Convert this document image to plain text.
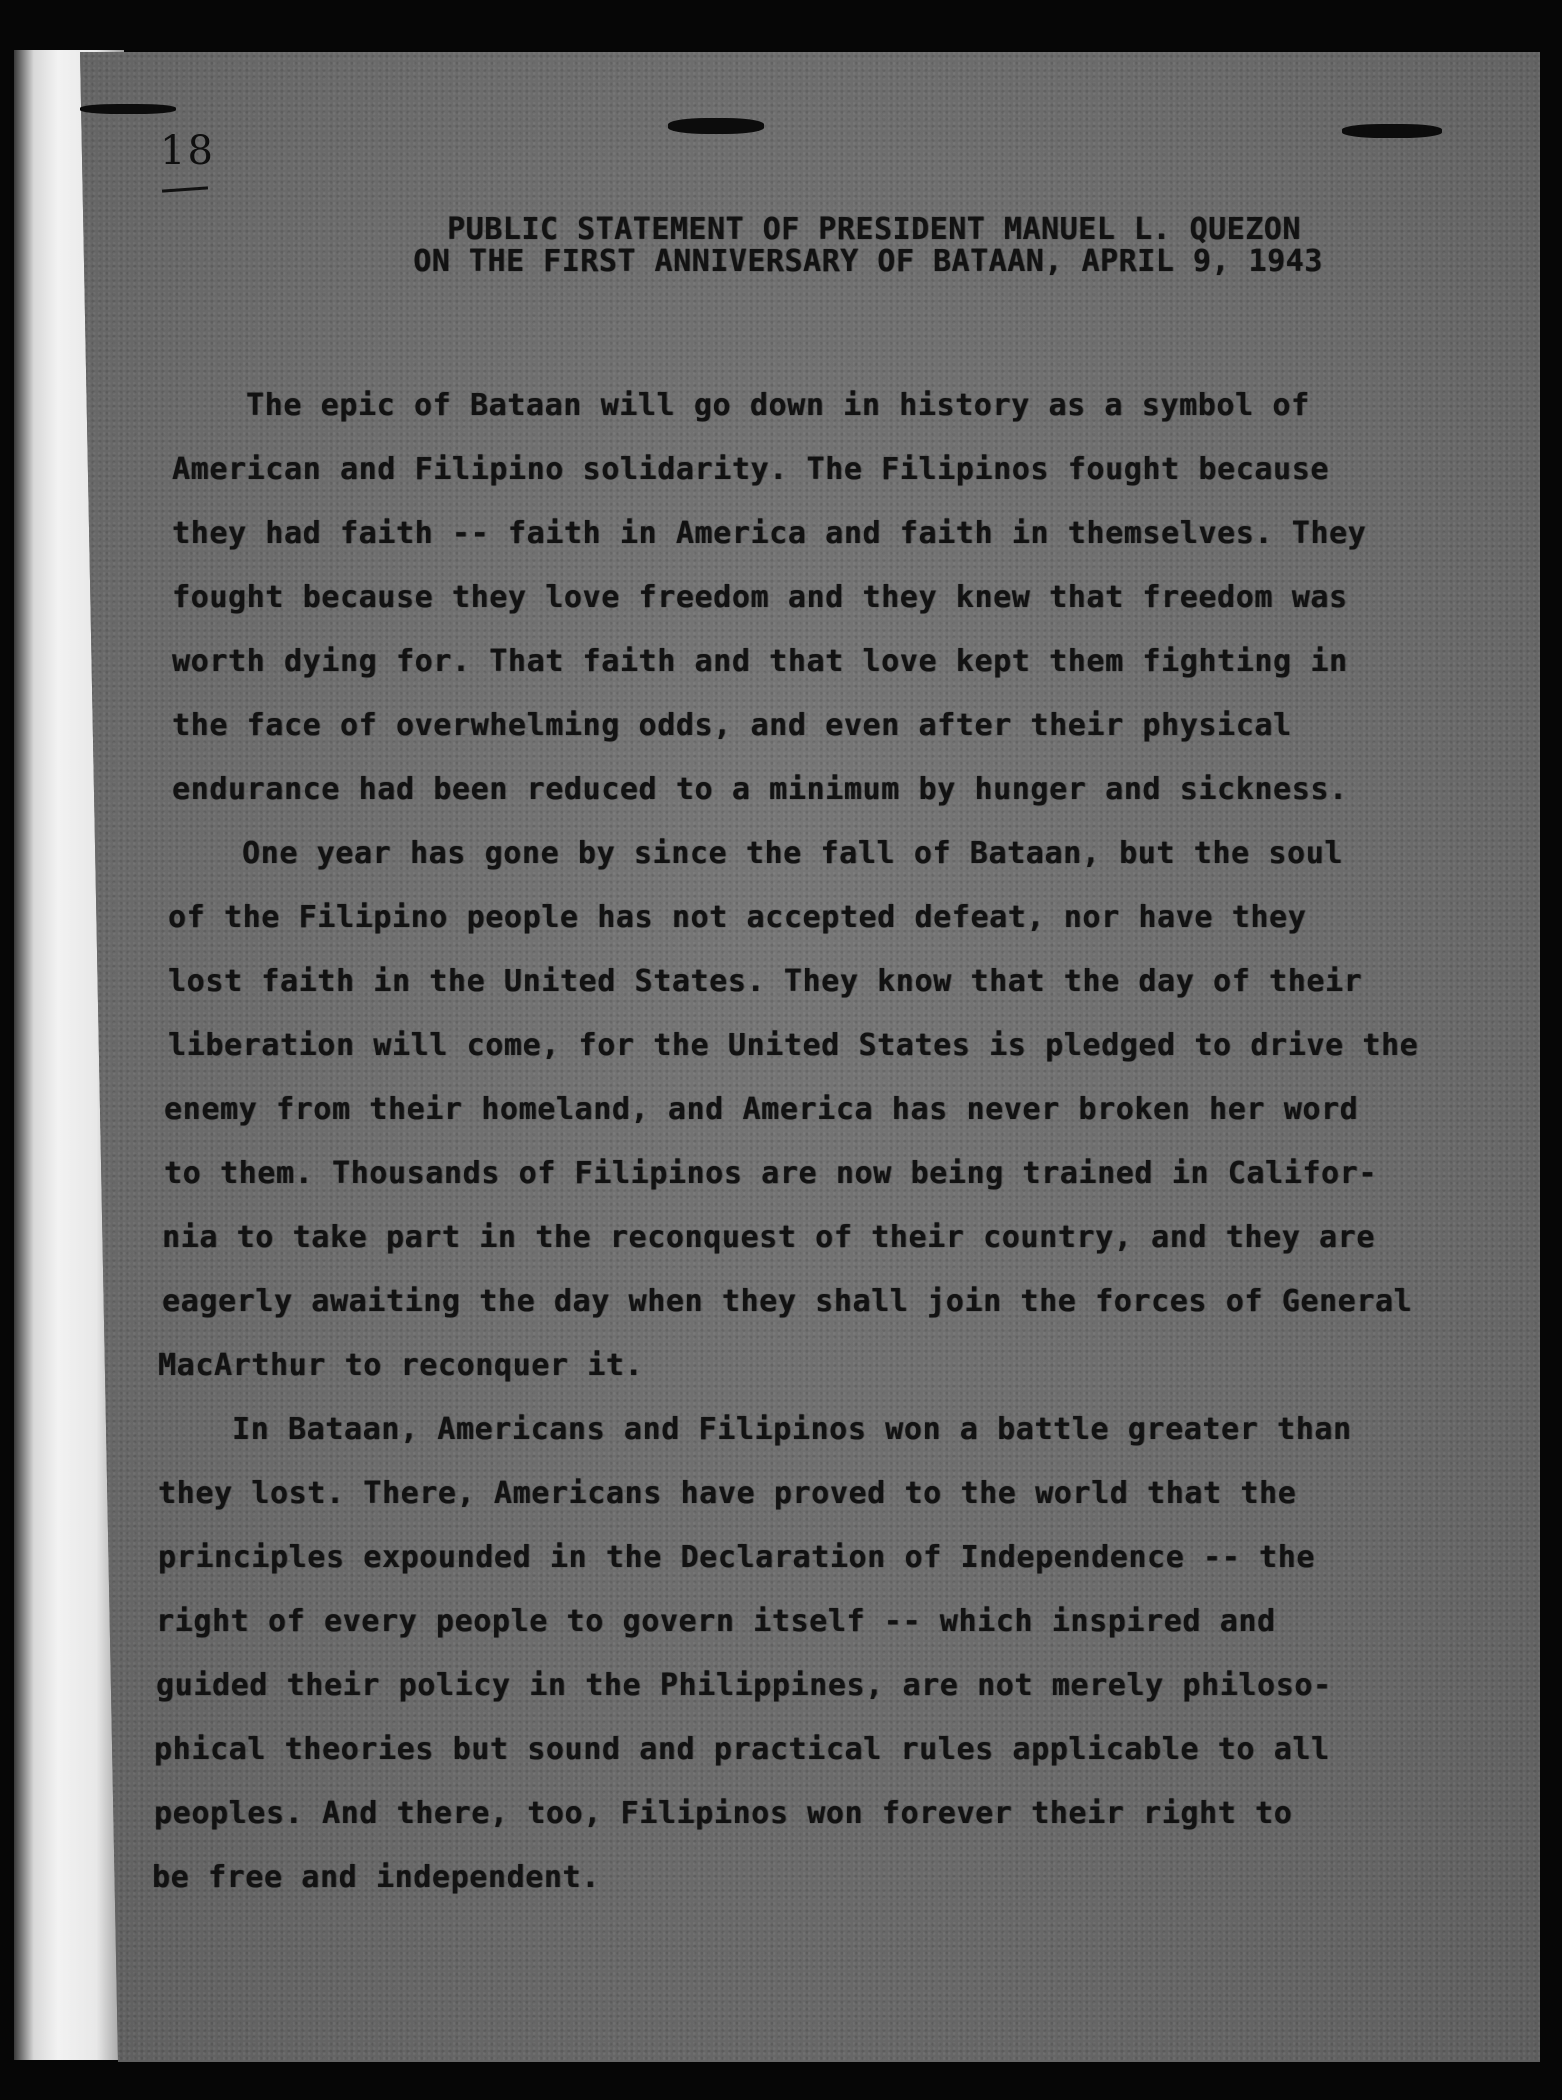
18
PUBLIC STATEMENT OF PRESIDENT MANUEL L. QUEZON
ON THE FIRST ANNIVERSARY OF BATAAN, APRIL 9, 1943
The epic of Bataan will go down in history as a symbol of
American and Filipino solidarity. The Filipinos fought because
they had faith -- faith in America and faith in themselves. They
fought because they love freedom and they knew that freedom was
worth dying for. That faith and that love kept them fighting in
the face of overwhelming odds, and even after their physical
endurance had been reduced to a minimum by hunger and sickness.
One year has gone by since the fall of Bataan, but the soul
of the Filipino people has not accepted defeat, nor have they
lost faith in the United States. They know that the day of their
liberation will come, for the United States is pledged to drive the
enemy from their homeland, and America has never broken her word
to them. Thousands of Filipinos are now being trained in Califor-
nia to take part in the reconquest of their country, and they are
eagerly awaiting the day when they shall join the forces of General
MacArthur to reconquer it.
In Bataan, Americans and Filipinos won a battle greater than
they lost. There, Americans have proved to the world that the
principles expounded in the Declaration of Independence -- the
right of every people to govern itself -- which inspired and
guided their policy in the Philippines, are not merely philoso-
phical theories but sound and practical rules applicable to all
peoples. And there, too, Filipinos won forever their right to
be free and independent.
